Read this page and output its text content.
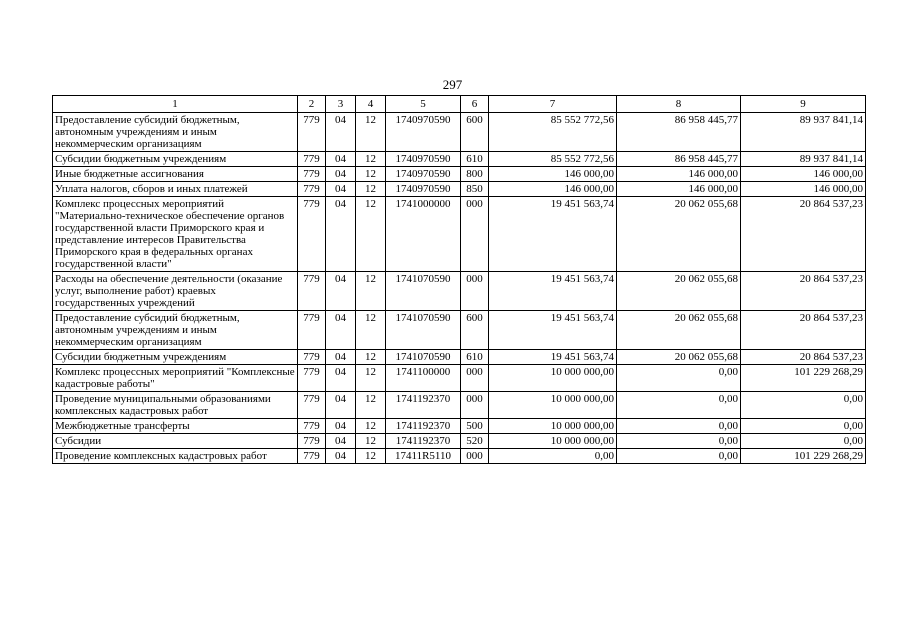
297
1	2	3	4	5	6	7	8	9
Предоставление субсидий бюджетным, автономным учреждениям и иным некоммерческим организациям	779	04	12	1740970590	600	85 552 772,56	86 958 445,77	89 937 841,14
Субсидии бюджетным учреждениям	779	04	12	1740970590	610	85 552 772,56	86 958 445,77	89 937 841,14
Иные бюджетные ассигнования	779	04	12	1740970590	800	146 000,00	146 000,00	146 000,00
Уплата налогов, сборов и иных платежей	779	04	12	1740970590	850	146 000,00	146 000,00	146 000,00
Комплекс процессных мероприятий "Материально-техническое обеспечение органов государственной власти Приморского края и представление интересов Правительства Приморского края в федеральных органах государственной власти"	779	04	12	1741000000	000	19 451 563,74	20 062 055,68	20 864 537,23
Расходы на обеспечение деятельности (оказание услуг, выполнение работ) краевых государственных учреждений	779	04	12	1741070590	000	19 451 563,74	20 062 055,68	20 864 537,23
Предоставление субсидий бюджетным, автономным учреждениям и иным некоммерческим организациям	779	04	12	1741070590	600	19 451 563,74	20 062 055,68	20 864 537,23
Субсидии бюджетным учреждениям	779	04	12	1741070590	610	19 451 563,74	20 062 055,68	20 864 537,23
Комплекс процессных мероприятий "Комплексные кадастровые работы"	779	04	12	1741100000	000	10 000 000,00	0,00	101 229 268,29
Проведение муниципальными образованиями комплексных кадастровых работ	779	04	12	1741192370	000	10 000 000,00	0,00	0,00
Межбюджетные трансферты	779	04	12	1741192370	500	10 000 000,00	0,00	0,00
Субсидии	779	04	12	1741192370	520	10 000 000,00	0,00	0,00
Проведение комплексных кадастровых работ	779	04	12	17411R5110	000	0,00	0,00	101 229 268,29
